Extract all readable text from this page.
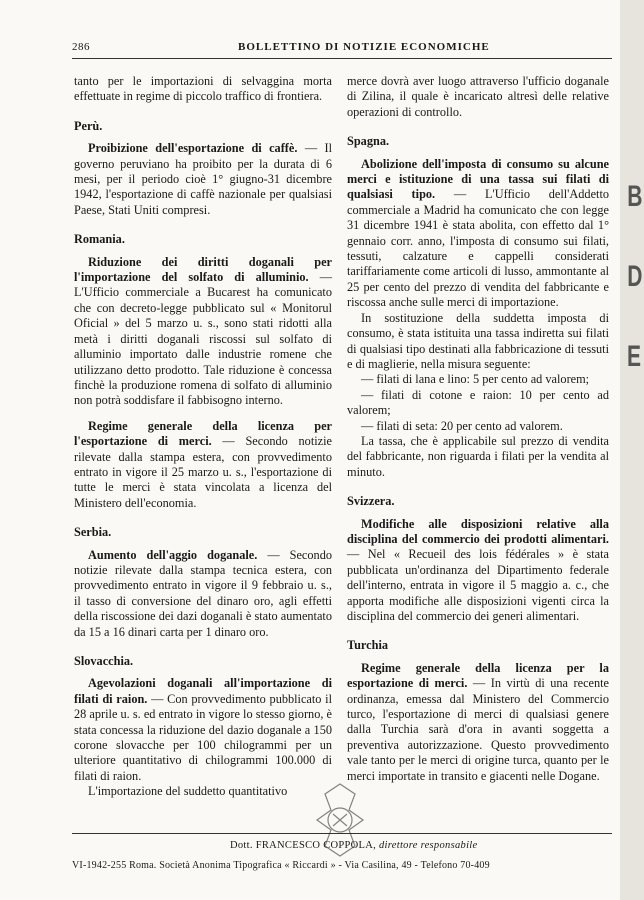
286	BOLLETTINO DI NOTIZIE ECONOMICHE

tanto per le importazioni di selvaggina morta effettuate in regime di piccolo traffico di frontiera.

Perù.

Proibizione dell'esportazione di caffè. — Il governo peruviano ha proibito per la durata di 6 mesi, per il periodo cioè 1° giugno-31 dicembre 1942, l'esportazione di caffè nazionale per qualsiasi Paese, Stati Uniti compresi.

Romania.

Riduzione dei diritti doganali per l'importazione del solfato di alluminio. — L'Ufficio commerciale a Bucarest ha comunicato che con decreto-legge pubblicato sul « Monitorul Oficial » del 5 marzo u. s., sono stati ridotti alla metà i diritti doganali riscossi sul solfato di alluminio importato dalle industrie romene che utilizzano detto prodotto. Tale riduzione è concessa finchè la produzione romena di solfato di alluminio non potrà soddisfare il fabbisogno interno.

Regime generale della licenza per l'esportazione di merci. — Secondo notizie rilevate dalla stampa estera, con provvedimento entrato in vigore il 25 marzo u. s., l'esportazione di tutte le merci è stata vincolata a licenza del Ministero dell'economia.

Serbia.

Aumento dell'aggio doganale. — Secondo notizie rilevate dalla stampa tecnica estera, con provvedimento entrato in vigore il 9 febbraio u. s., il tasso di conversione del dinaro oro, agli effetti della riscossione dei dazi doganali è stato aumentato da 15 a 16 dinari carta per 1 dinaro oro.

Slovacchia.

Agevolazioni doganali all'importazione di filati di raion. — Con provvedimento pubblicato il 28 aprile u. s. ed entrato in vigore lo stesso giorno, è stata concessa la riduzione del dazio doganale a 150 corone slovacche per 100 chilogrammi per un ulteriore quantitativo di chilogrammi 100.000 di filati di raion.

L'importazione del suddetto quantitativo

merce dovrà aver luogo attraverso l'ufficio doganale di Zilina, il quale è incaricato altresì delle relative operazioni di controllo.

Spagna.

Abolizione dell'imposta di consumo su alcune merci e istituzione di una tassa sui filati di qualsiasi tipo. — L'Ufficio dell'Addetto commerciale a Madrid ha comunicato che con legge 31 dicembre 1941 è stata abolita, con effetto dal 1° gennaio corr. anno, l'imposta di consumo sui filati, tessuti, calzature e cappelli considerati tariffariamente come articoli di lusso, ammontante al 25 per cento del prezzo di vendita del fabbricante e riscossa anche sulle merci di importazione.

In sostituzione della suddetta imposta di consumo, è stata istituita una tassa indiretta sui filati di qualsiasi tipo destinati alla fabbricazione di tessuti e di maglierie, nella misura seguente:

— filati di lana e lino: 5 per cento ad valorem;

— filati di cotone e raion: 10 per cento ad valorem;

— filati di seta: 20 per cento ad valorem.

La tassa, che è applicabile sul prezzo di vendita del fabbricante, non riguarda i filati per la vendita al minuto.

Svizzera.

Modifiche alle disposizioni relative alla disciplina del commercio dei prodotti alimentari. — Nel « Recueil des lois fédérales » è stata pubblicata un'ordinanza del Dipartimento federale dell'interno, entrata in vigore il 5 maggio a. c., che apporta modifiche alle disposizioni vigenti circa la disciplina del commercio dei generi alimentari.

Turchia

Regime generale della licenza per la esportazione di merci. — In virtù di una recente ordinanza, emessa dal Ministero del Commercio turco, l'esportazione di merci di qualsiasi genere dalla Turchia sarà d'ora in avanti soggetta a preventiva autorizzazione. Questo provvedimento vale tanto per le merci di origine turca, quanto per le merci importate in transito e giacenti nelle Dogane.

Dott. FRANCESCO COPPOLA, direttore responsabile
VI-1942-255 Roma. Società Anonima Tipografica « Riccardi » - Via Casilina, 49 - Telefono 70-409
B
D
E
